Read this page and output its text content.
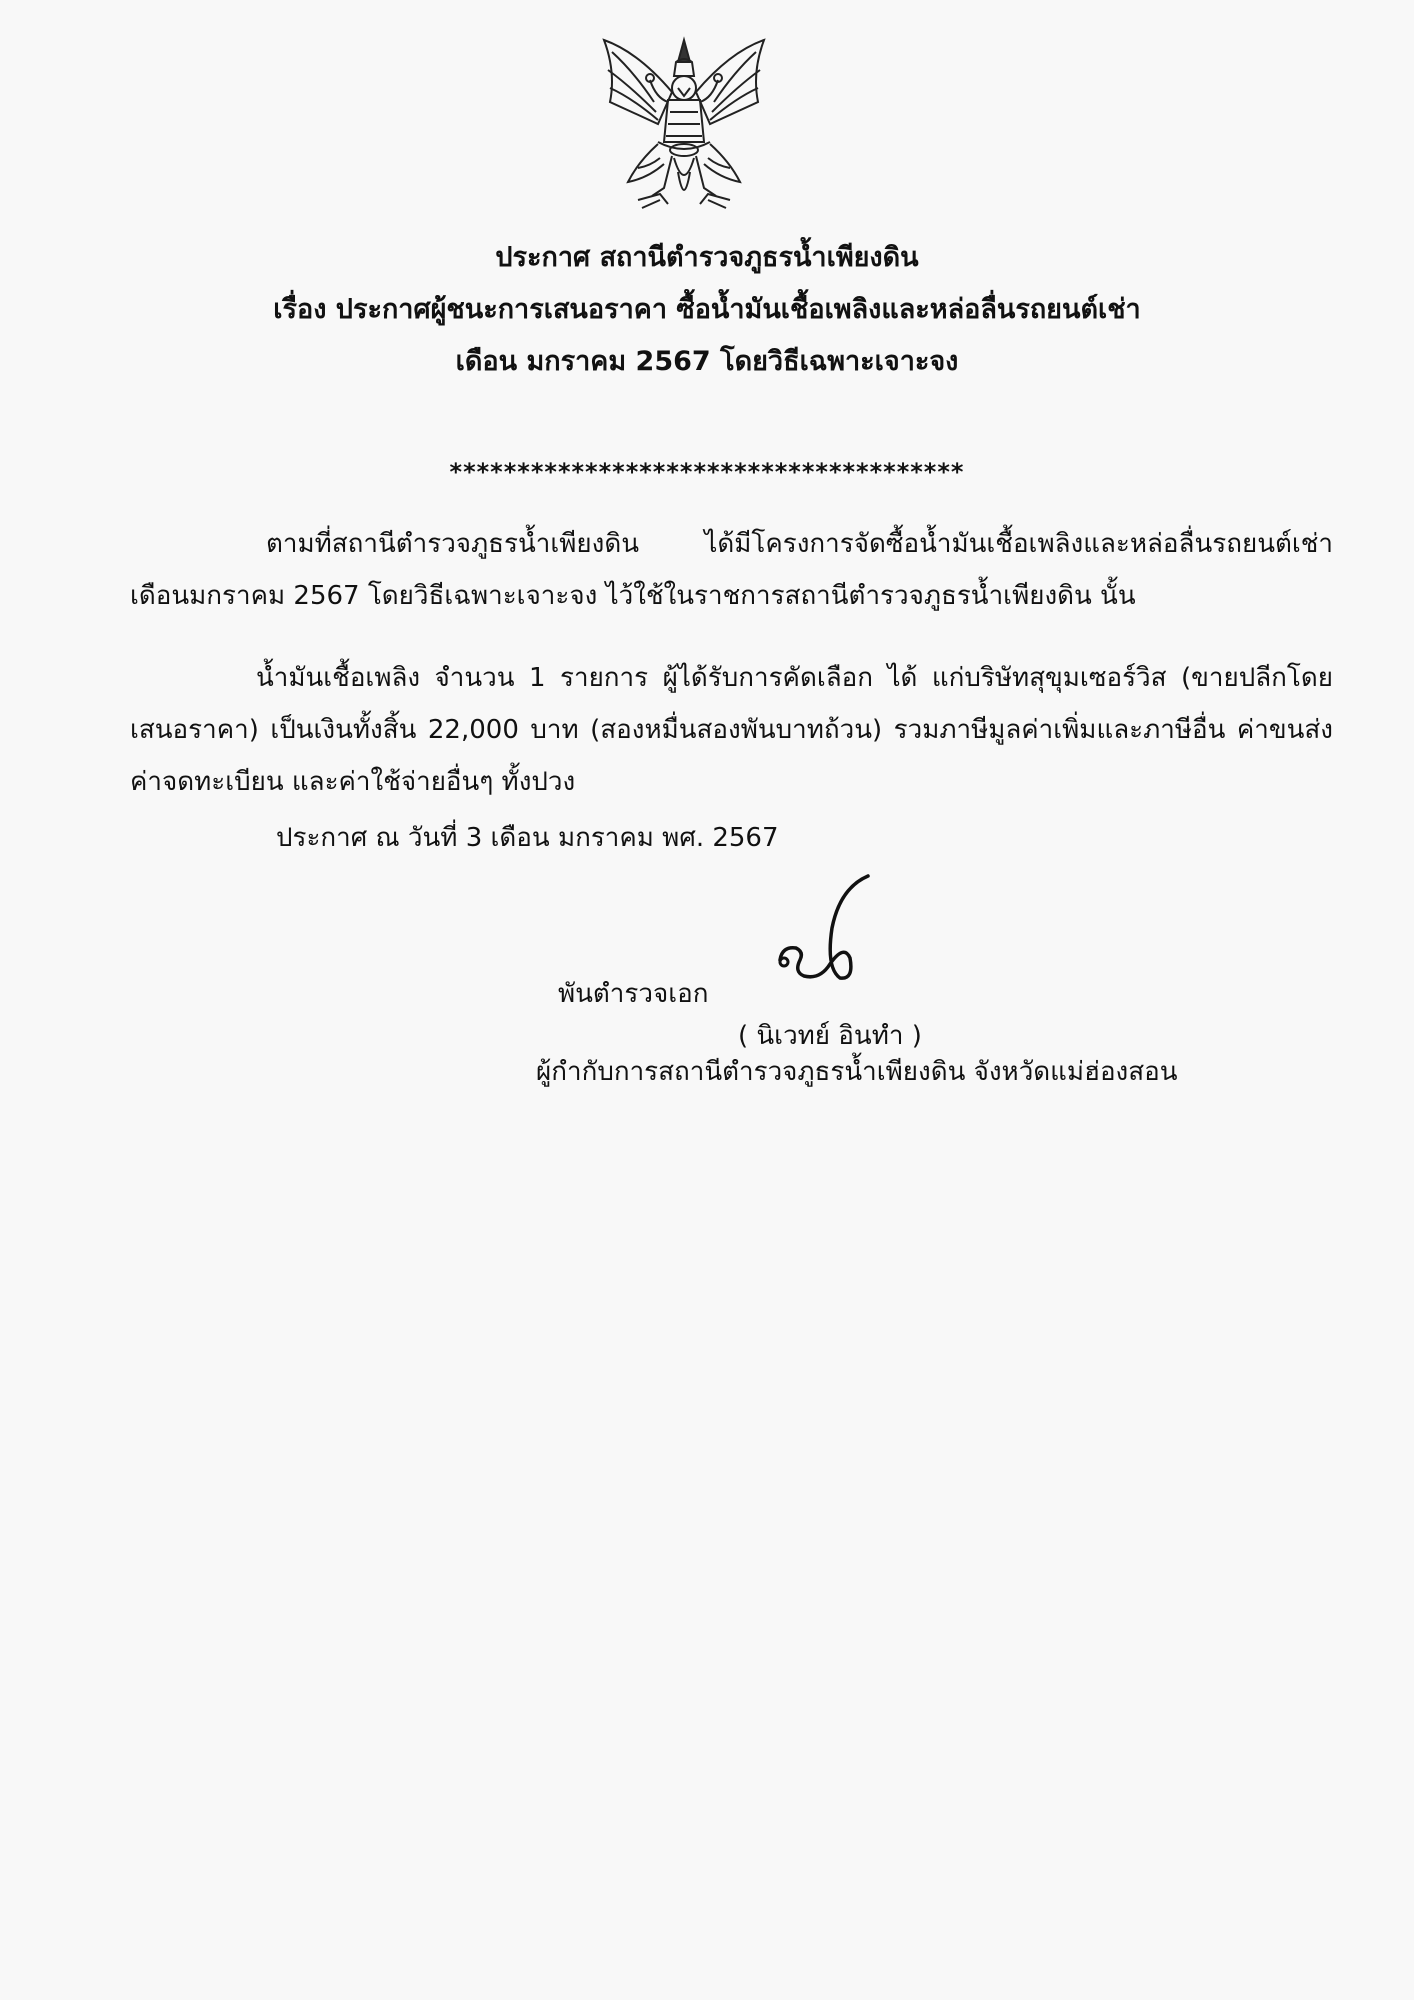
ประกาศ สถานีตำรวจภูธรน้ำเพียงดิน
เรื่อง ประกาศผู้ชนะการเสนอราคา ซื้อน้ำมันเชื้อเพลิงและหล่อลื่นรถยนต์เช่า
เดือน มกราคม 2567 โดยวิธีเฉพาะเจาะจง
**************************************
ตามที่สถานีตำรวจภูธรน้ำเพียงดิน ได้มีโครงการจัดซื้อน้ำมันเชื้อเพลิงและหล่อลื่นรถยนต์เช่า เดือนมกราคม 2567 โดยวิธีเฉพาะเจาะจง ไว้ใช้ในราชการสถานีตำรวจภูธรน้ำเพียงดิน นั้น
น้ำมันเชื้อเพลิง จำนวน 1 รายการ ผู้ได้รับการคัดเลือก ได้ แก่บริษัทสุขุมเซอร์วิส (ขายปลีกโดยเสนอราคา) เป็นเงินทั้งสิ้น 22,000 บาท (สองหมื่นสองพันบาทถ้วน) รวมภาษีมูลค่าเพิ่มและภาษีอื่น ค่าขนส่ง ค่าจดทะเบียน และค่าใช้จ่ายอื่นๆ ทั้งปวง
ประกาศ ณ วันที่ 3 เดือน มกราคม พศ. 2567
พันตำรวจเอก
( นิเวทย์ อินทำ )
ผู้กำกับการสถานีตำรวจภูธรน้ำเพียงดิน จังหวัดแม่ฮ่องสอน
